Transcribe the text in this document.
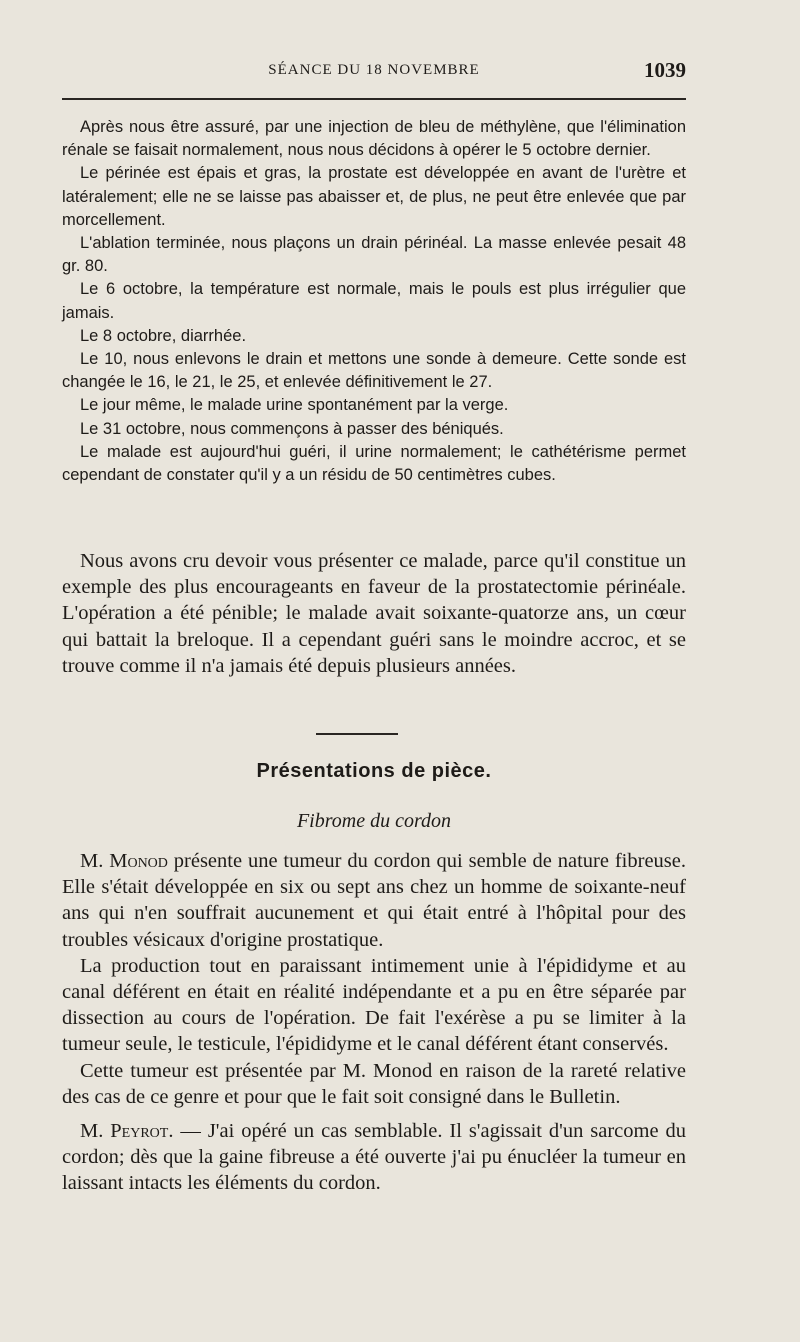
SÉANCE DU 18 NOVEMBRE	1039

Après nous être assuré, par une injection de bleu de méthylène, que l'élimination rénale se faisait normalement, nous nous décidons à opérer le 5 octobre dernier.

Le périnée est épais et gras, la prostate est développée en avant de l'urètre et latéralement; elle ne se laisse pas abaisser et, de plus, ne peut être enlevée que par morcellement.

L'ablation terminée, nous plaçons un drain périnéal. La masse enlevée pesait 48 gr. 80.

Le 6 octobre, la température est normale, mais le pouls est plus irrégulier que jamais.

Le 8 octobre, diarrhée.

Le 10, nous enlevons le drain et mettons une sonde à demeure. Cette sonde est changée le 16, le 21, le 25, et enlevée définitivement le 27.

Le jour même, le malade urine spontanément par la verge.

Le 31 octobre, nous commençons à passer des béniqués.

Le malade est aujourd'hui guéri, il urine normalement; le cathétérisme permet cependant de constater qu'il y a un résidu de 50 centimètres cubes.

Nous avons cru devoir vous présenter ce malade, parce qu'il constitue un exemple des plus encourageants en faveur de la prostatectomie périnéale. L'opération a été pénible; le malade avait soixante-quatorze ans, un cœur qui battait la breloque. Il a cependant guéri sans le moindre accroc, et se trouve comme il n'a jamais été depuis plusieurs années.

Présentations de pièce.
Fibrome du cordon

M. Monod présente une tumeur du cordon qui semble de nature fibreuse. Elle s'était développée en six ou sept ans chez un homme de soixante-neuf ans qui n'en souffrait aucunement et qui était entré à l'hôpital pour des troubles vésicaux d'origine prostatique.

La production tout en paraissant intimement unie à l'épididyme et au canal déférent en était en réalité indépendante et a pu en être séparée par dissection au cours de l'opération. De fait l'exérèse a pu se limiter à la tumeur seule, le testicule, l'épididyme et le canal déférent étant conservés.

Cette tumeur est présentée par M. Monod en raison de la rareté relative des cas de ce genre et pour que le fait soit consigné dans le Bulletin.

M. Peyrot. — J'ai opéré un cas semblable. Il s'agissait d'un sarcome du cordon; dès que la gaine fibreuse a été ouverte j'ai pu énucléer la tumeur en laissant intacts les éléments du cordon.
